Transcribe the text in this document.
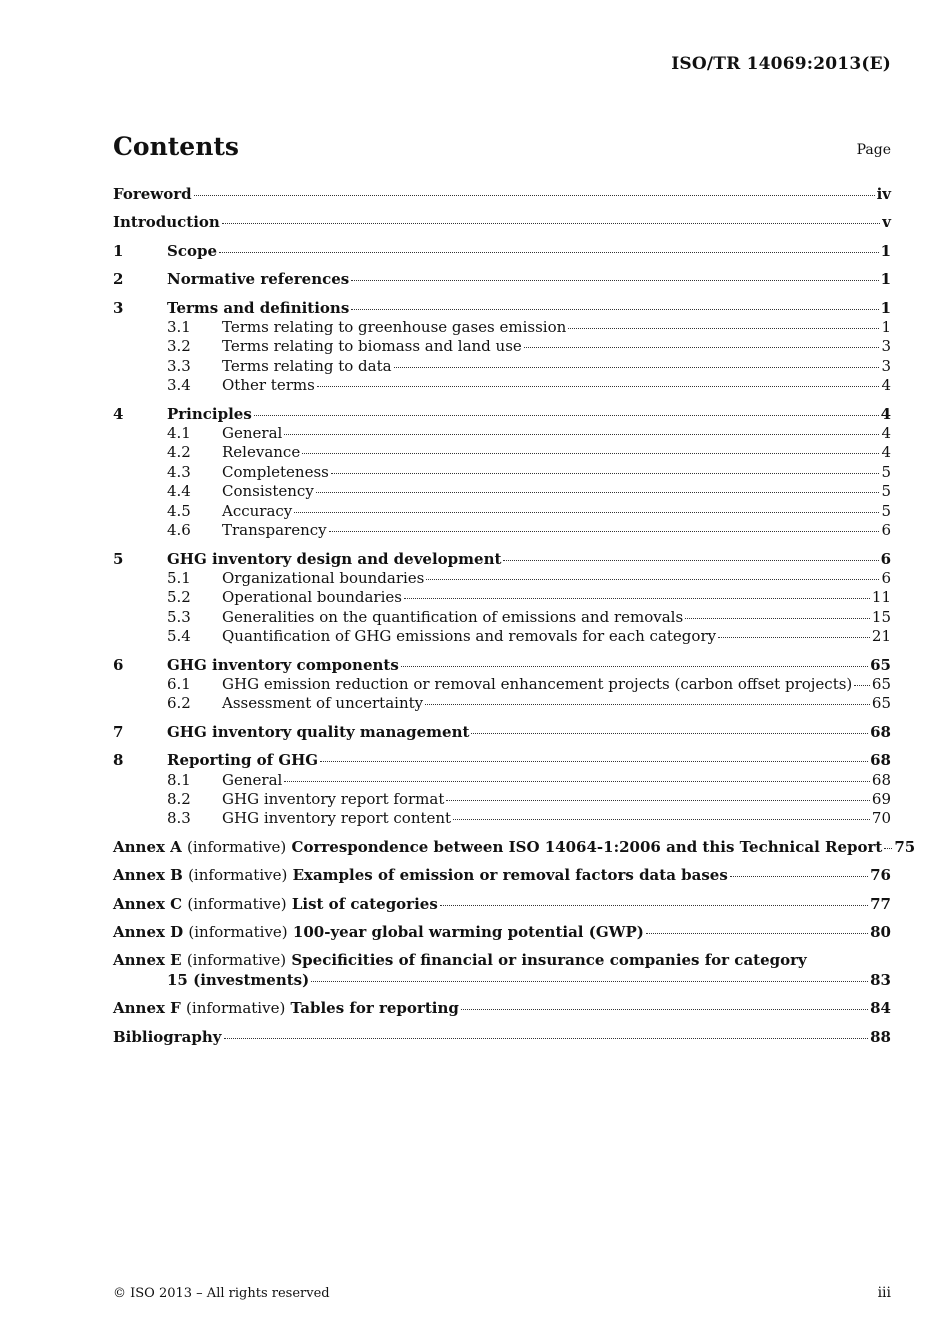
ISO/TR 14069:2013(E)
Contents	Page
Foreword	iv
Introduction	v
1	Scope	1
2	Normative references	1
3	Terms and definitions	1
3.1	Terms relating to greenhouse gases emission	1
3.2	Terms relating to biomass and land use	3
3.3	Terms relating to data	3
3.4	Other terms	4
4	Principles	4
4.1	General	4
4.2	Relevance	4
4.3	Completeness	5
4.4	Consistency	5
4.5	Accuracy	5
4.6	Transparency	6
5	GHG inventory design and development	6
5.1	Organizational boundaries	6
5.2	Operational boundaries	11
5.3	Generalities on the quantification of emissions and removals	15
5.4	Quantification of GHG emissions and removals for each category	21
6	GHG inventory components	65
6.1	GHG emission reduction or removal enhancement projects (carbon offset projects) 65
6.2	Assessment of uncertainty	65
7	GHG inventory quality management	68
8	Reporting of GHG	68
8.1	General	68
8.2	GHG inventory report format	69
8.3	GHG inventory report content	70
Annex A (informative) Correspondence between ISO 14064-1:2006 and this Technical Report 75
Annex B (informative) Examples of emission or removal factors data bases	76
Annex C (informative) List of categories	77
Annex D (informative) 100-year global warming potential (GWP)	80
Annex E (informative) Specificities of financial or insurance companies for category
15 (investments)	83
Annex F (informative) Tables for reporting	84
Bibliography	88
© ISO 2013 – All rights reserved	iii
